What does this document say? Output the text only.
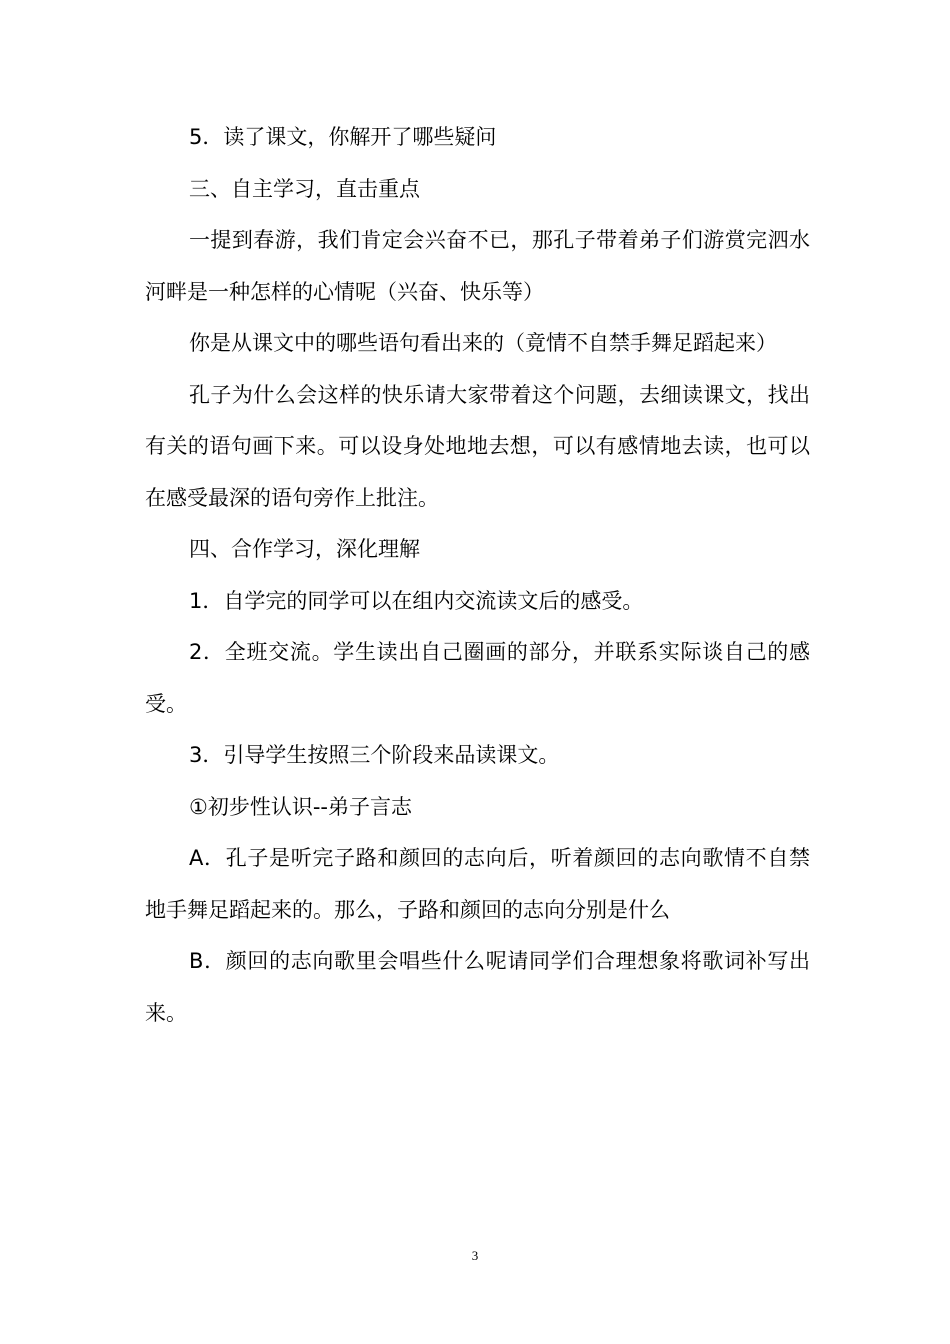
5．读了课文，你解开了哪些疑问

三、自主学习，直击重点

一提到春游，我们肯定会兴奋不已，那孔子带着弟子们游赏完泗水河畔是一种怎样的心情呢（兴奋、快乐等）

你是从课文中的哪些语句看出来的（竟情不自禁手舞足蹈起来）

孔子为什么会这样的快乐请大家带着这个问题，去细读课文，找出有关的语句画下来。可以设身处地地去想，可以有感情地去读，也可以在感受最深的语句旁作上批注。

四、合作学习，深化理解

1．自学完的同学可以在组内交流读文后的感受。

2．全班交流。学生读出自己圈画的部分，并联系实际谈自己的感受。

3．引导学生按照三个阶段来品读课文。

①初步性认识--弟子言志

A．孔子是听完子路和颜回的志向后，听着颜回的志向歌情不自禁地手舞足蹈起来的。那么，子路和颜回的志向分别是什么

B．颜回的志向歌里会唱些什么呢请同学们合理想象将歌词补写出来。

3
